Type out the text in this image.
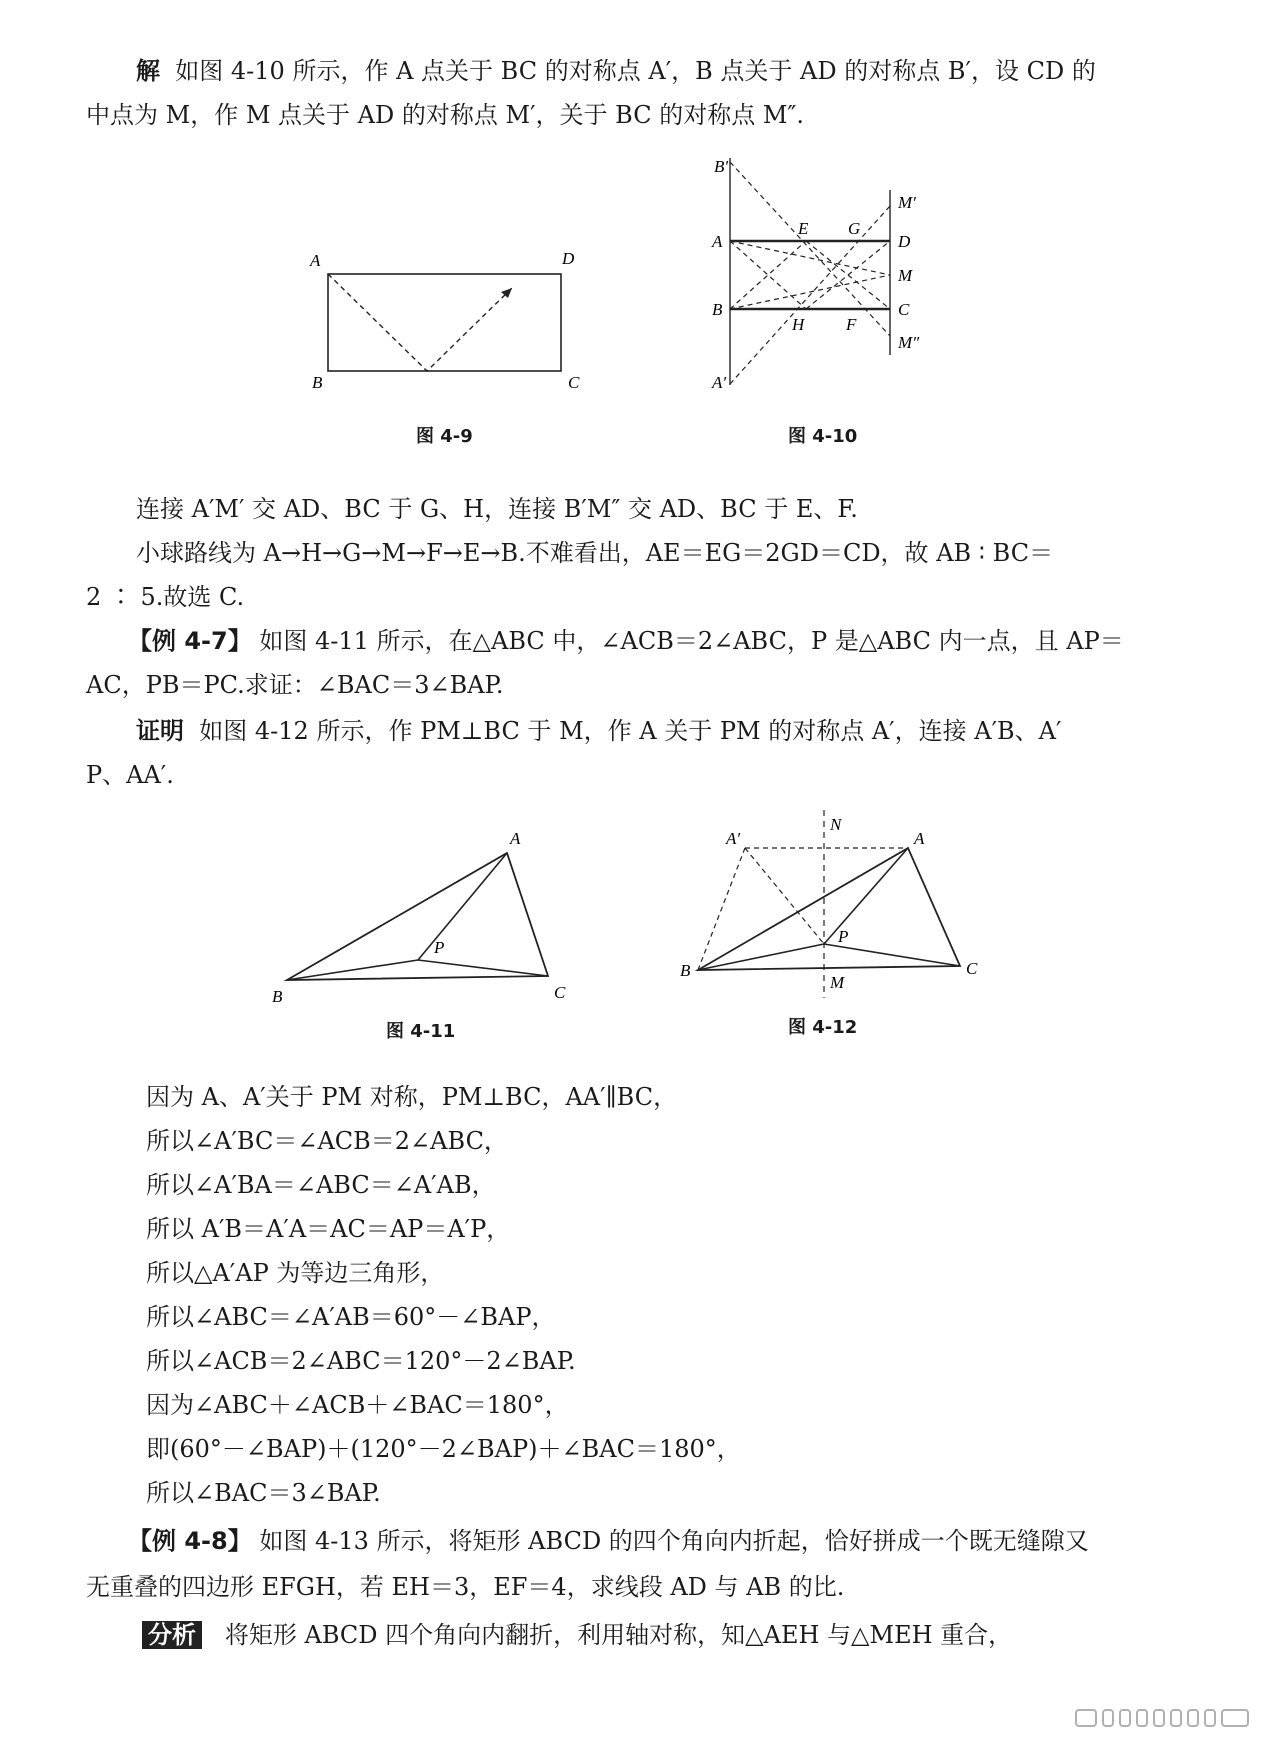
解 如图 4-10 所示，作 A 点关于 BC 的对称点 A′，B 点关于 AD 的对称点 B′，设 CD 的
中点为 M，作 M 点关于 AD 的对称点 M′，关于 BC 的对称点 M″.
A	D
B	C
图 4-9
B′
M′
A
E G
D
M
B	C
H F
M″
A′
图 4-10
连接 A′M′ 交 AD、BC 于 G、H，连接 B′M″ 交 AD、BC 于 E、F.
小球路线为 A→H→G→M→F→E→B.不难看出，AE＝EG＝2GD＝CD，故 AB ∶ BC＝
2 ∶ 5.故选 C.
【例 4-7】 如图 4-11 所示，在△ABC 中，∠ACB＝2∠ABC，P 是△ABC 内一点，且 AP＝
AC，PB＝PC.求证：∠BAC＝3∠BAP.
证明 如图 4-12 所示，作 PM⊥BC 于 M，作 A 关于 PM 的对称点 A′，连接 A′B、A′
P、AA′.
A
P
B	C
图 4-11
A′
N
A
P
B
M
C
图 4-12
因为 A、A′关于 PM 对称，PM⊥BC，AA′∥BC，
所以∠A′BC＝∠ACB＝2∠ABC，
所以∠A′BA＝∠ABC＝∠A′AB，
所以 A′B＝A′A＝AC＝AP＝A′P，
所以△A′AP 为等边三角形，
所以∠ABC＝∠A′AB＝60°－∠BAP，
所以∠ACB＝2∠ABC＝120°－2∠BAP.
因为∠ABC＋∠ACB＋∠BAC＝180°，
即(60°－∠BAP)＋(120°－2∠BAP)＋∠BAC＝180°，
所以∠BAC＝3∠BAP.
【例 4-8】 如图 4-13 所示，将矩形 ABCD 的四个角向内折起，恰好拼成一个既无缝隙又
无重叠的四边形 EFGH，若 EH＝3，EF＝4，求线段 AD 与 AB 的比.
分析 将矩形 ABCD 四个角向内翻折，利用轴对称，知△AEH 与△MEH 重合，
